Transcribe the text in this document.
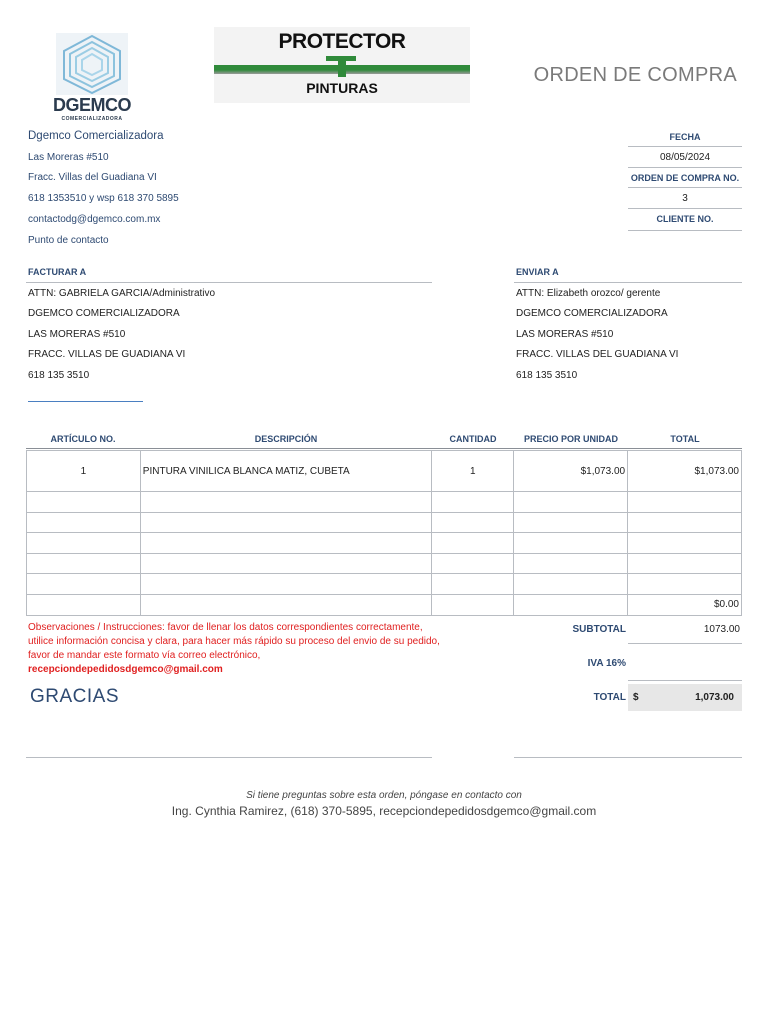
DGEMCO
COMERCIALIZADORA
PROTECTOR
PINTURAS
ORDEN DE COMPRA
Dgemco Comercializadora
Las Moreras #510
Fracc. Villas del Guadiana VI
618 1353510 y wsp 618 370 5895
contactodg@dgemco.com.mx
Punto de contacto
FECHA
08/05/2024
ORDEN DE COMPRA NO.
3
CLIENTE NO.
FACTURAR A
ATTN: GABRIELA GARCIA/Administrativo
DGEMCO COMERCIALIZADORA
LAS MORERAS #510
FRACC. VILLAS DE GUADIANA VI
618 135 3510
ENVIAR A
ATTN: Elizabeth orozco/ gerente
DGEMCO COMERCIALIZADORA
LAS MORERAS #510
FRACC. VILLAS DEL GUADIANA VI
618 135 3510
ARTÍCULO NO.	DESCRIPCIÓN	CANTIDAD	PRECIO POR UNIDAD	TOTAL
1	PINTURA VINILICA BLANCA MATIZ, CUBETA	1	$1,073.00	$1,073.00

				$0.00
Observaciones / Instrucciones: favor de llenar los datos correspondientes correctamente,
utilice información concisa y clara, para hacer más rápido su proceso del envio de su pedido,
favor de mandar este formato vía correo electrónico,
recepciondepedidosdgemco@gmail.com
SUBTOTAL	1073.00
IVA 16%
TOTAL $	1,073.00
GRACIAS
Si tiene preguntas sobre esta orden, póngase en contacto con
Ing. Cynthia Ramirez, (618) 370-5895, recepciondepedidosdgemco@gmail.com
